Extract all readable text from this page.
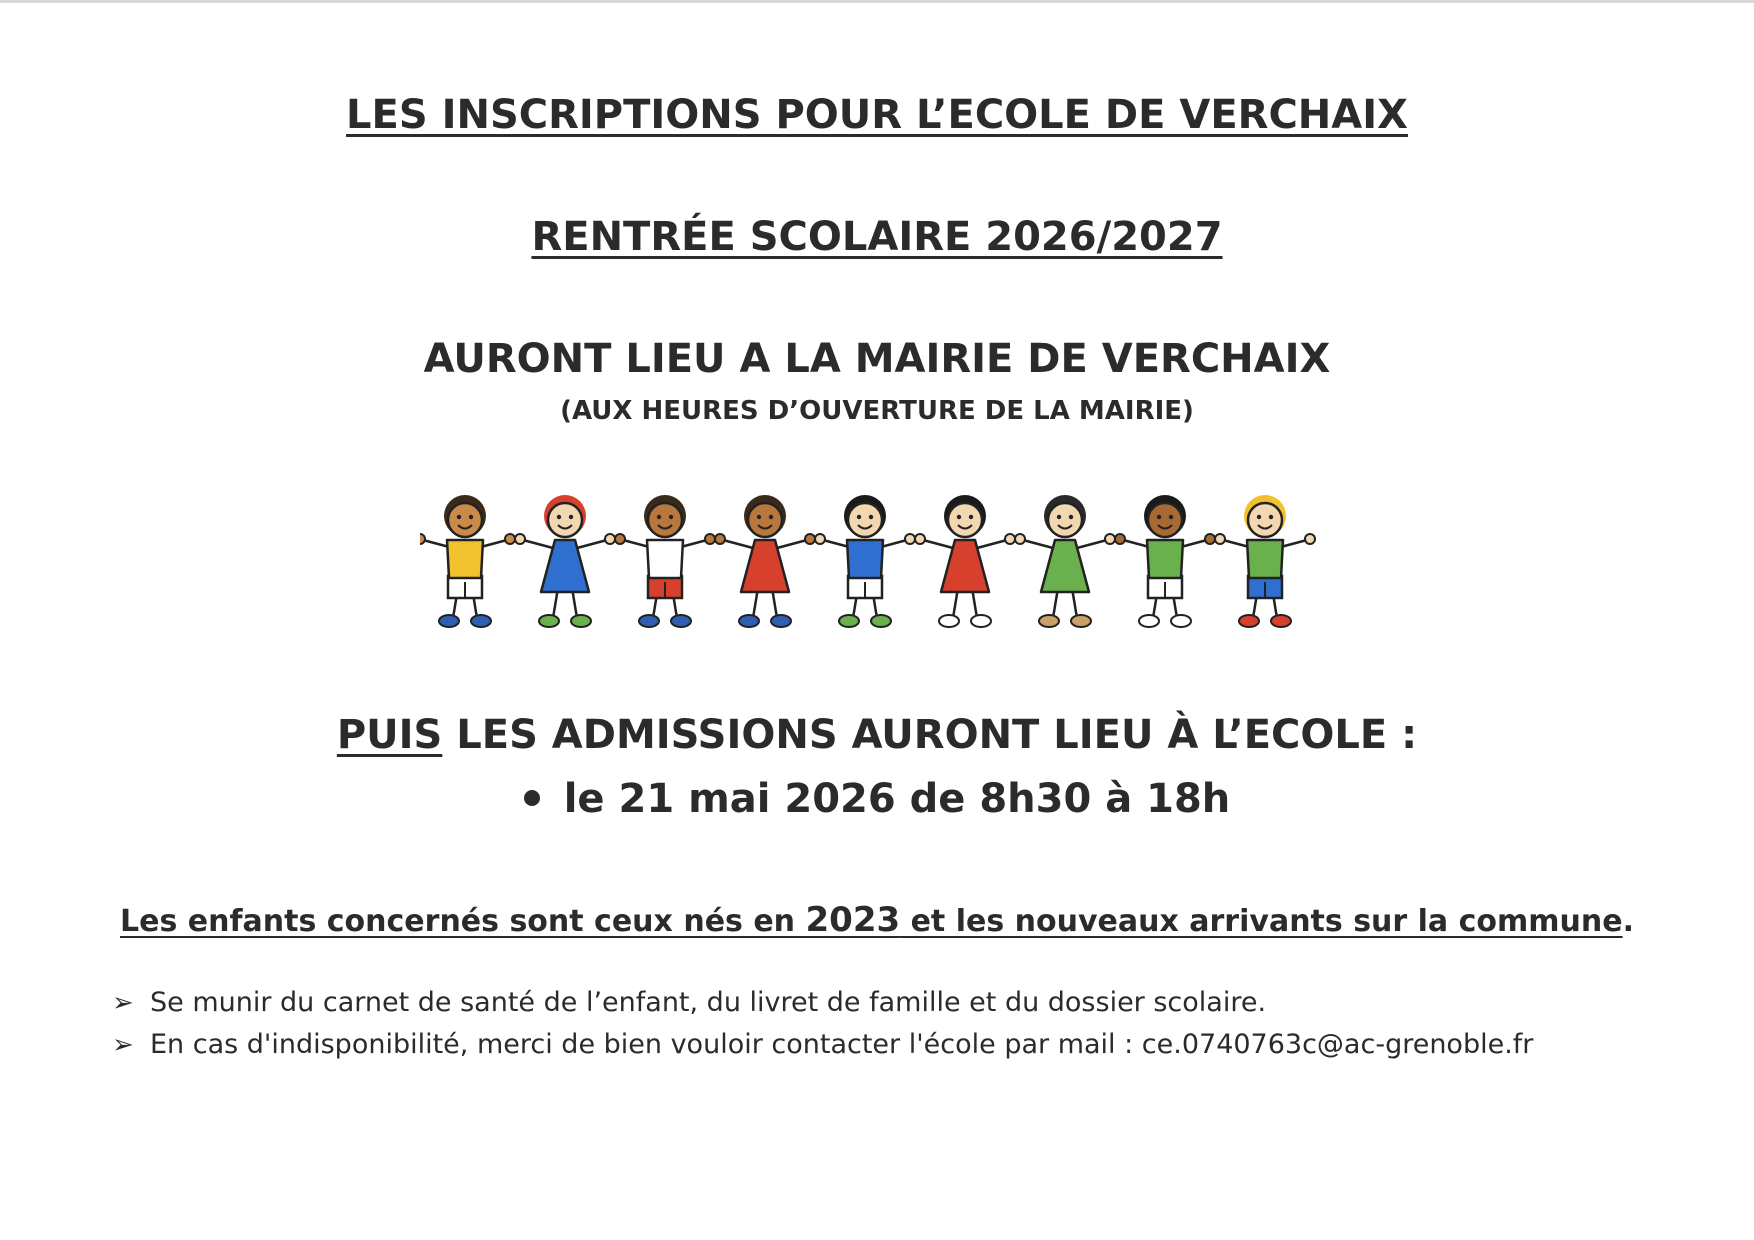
LES INSCRIPTIONS POUR L’ECOLE DE VERCHAIX
RENTRÉE SCOLAIRE 2026/2027
AURONT LIEU A LA MAIRIE DE VERCHAIX
(AUX HEURES D’OUVERTURE DE LA MAIRIE)
PUIS LES ADMISSIONS AURONT LIEU À L’ECOLE :
le 21 mai 2026 de 8h30 à 18h
Les enfants concernés sont ceux nés en 2023 et les nouveaux arrivants sur la commune.
➢ Se munir du carnet de santé de l’enfant, du livret de famille et du dossier scolaire.
➢ En cas d'indisponibilité, merci de bien vouloir contacter l'école par mail : ce.0740763c@ac-grenoble.fr
